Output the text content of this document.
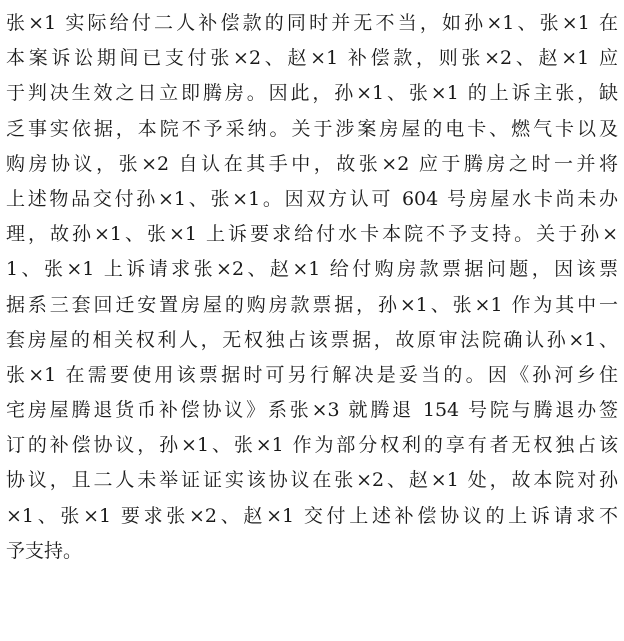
张×1 实际给付二人补偿款的同时并无不当，如孙×1、张×1 在
本案诉讼期间已支付张×2、赵×1 补偿款，则张×2、赵×1 应
于判决生效之日立即腾房。因此，孙×1、张×1 的上诉主张，缺
乏事实依据，本院不予采纳。关于涉案房屋的电卡、燃气卡以及
购房协议，张×2 自认在其手中，故张×2 应于腾房之时一并将
上述物品交付孙×1、张×1。因双方认可 604 号房屋水卡尚未办
理，故孙×1、张×1 上诉要求给付水卡本院不予支持。关于孙×
1、张×1 上诉请求张×2、赵×1 给付购房款票据问题，因该票
据系三套回迁安置房屋的购房款票据，孙×1、张×1 作为其中一
套房屋的相关权利人，无权独占该票据，故原审法院确认孙×1、
张×1 在需要使用该票据时可另行解决是妥当的。因《孙河乡住
宅房屋腾退货币补偿协议》系张×3 就腾退 154 号院与腾退办签
订的补偿协议，孙×1、张×1 作为部分权利的享有者无权独占该
协议，且二人未举证证实该协议在张×2、赵×1 处，故本院对孙
×1、张×1 要求张×2、赵×1 交付上述补偿协议的上诉请求不
予支持。
